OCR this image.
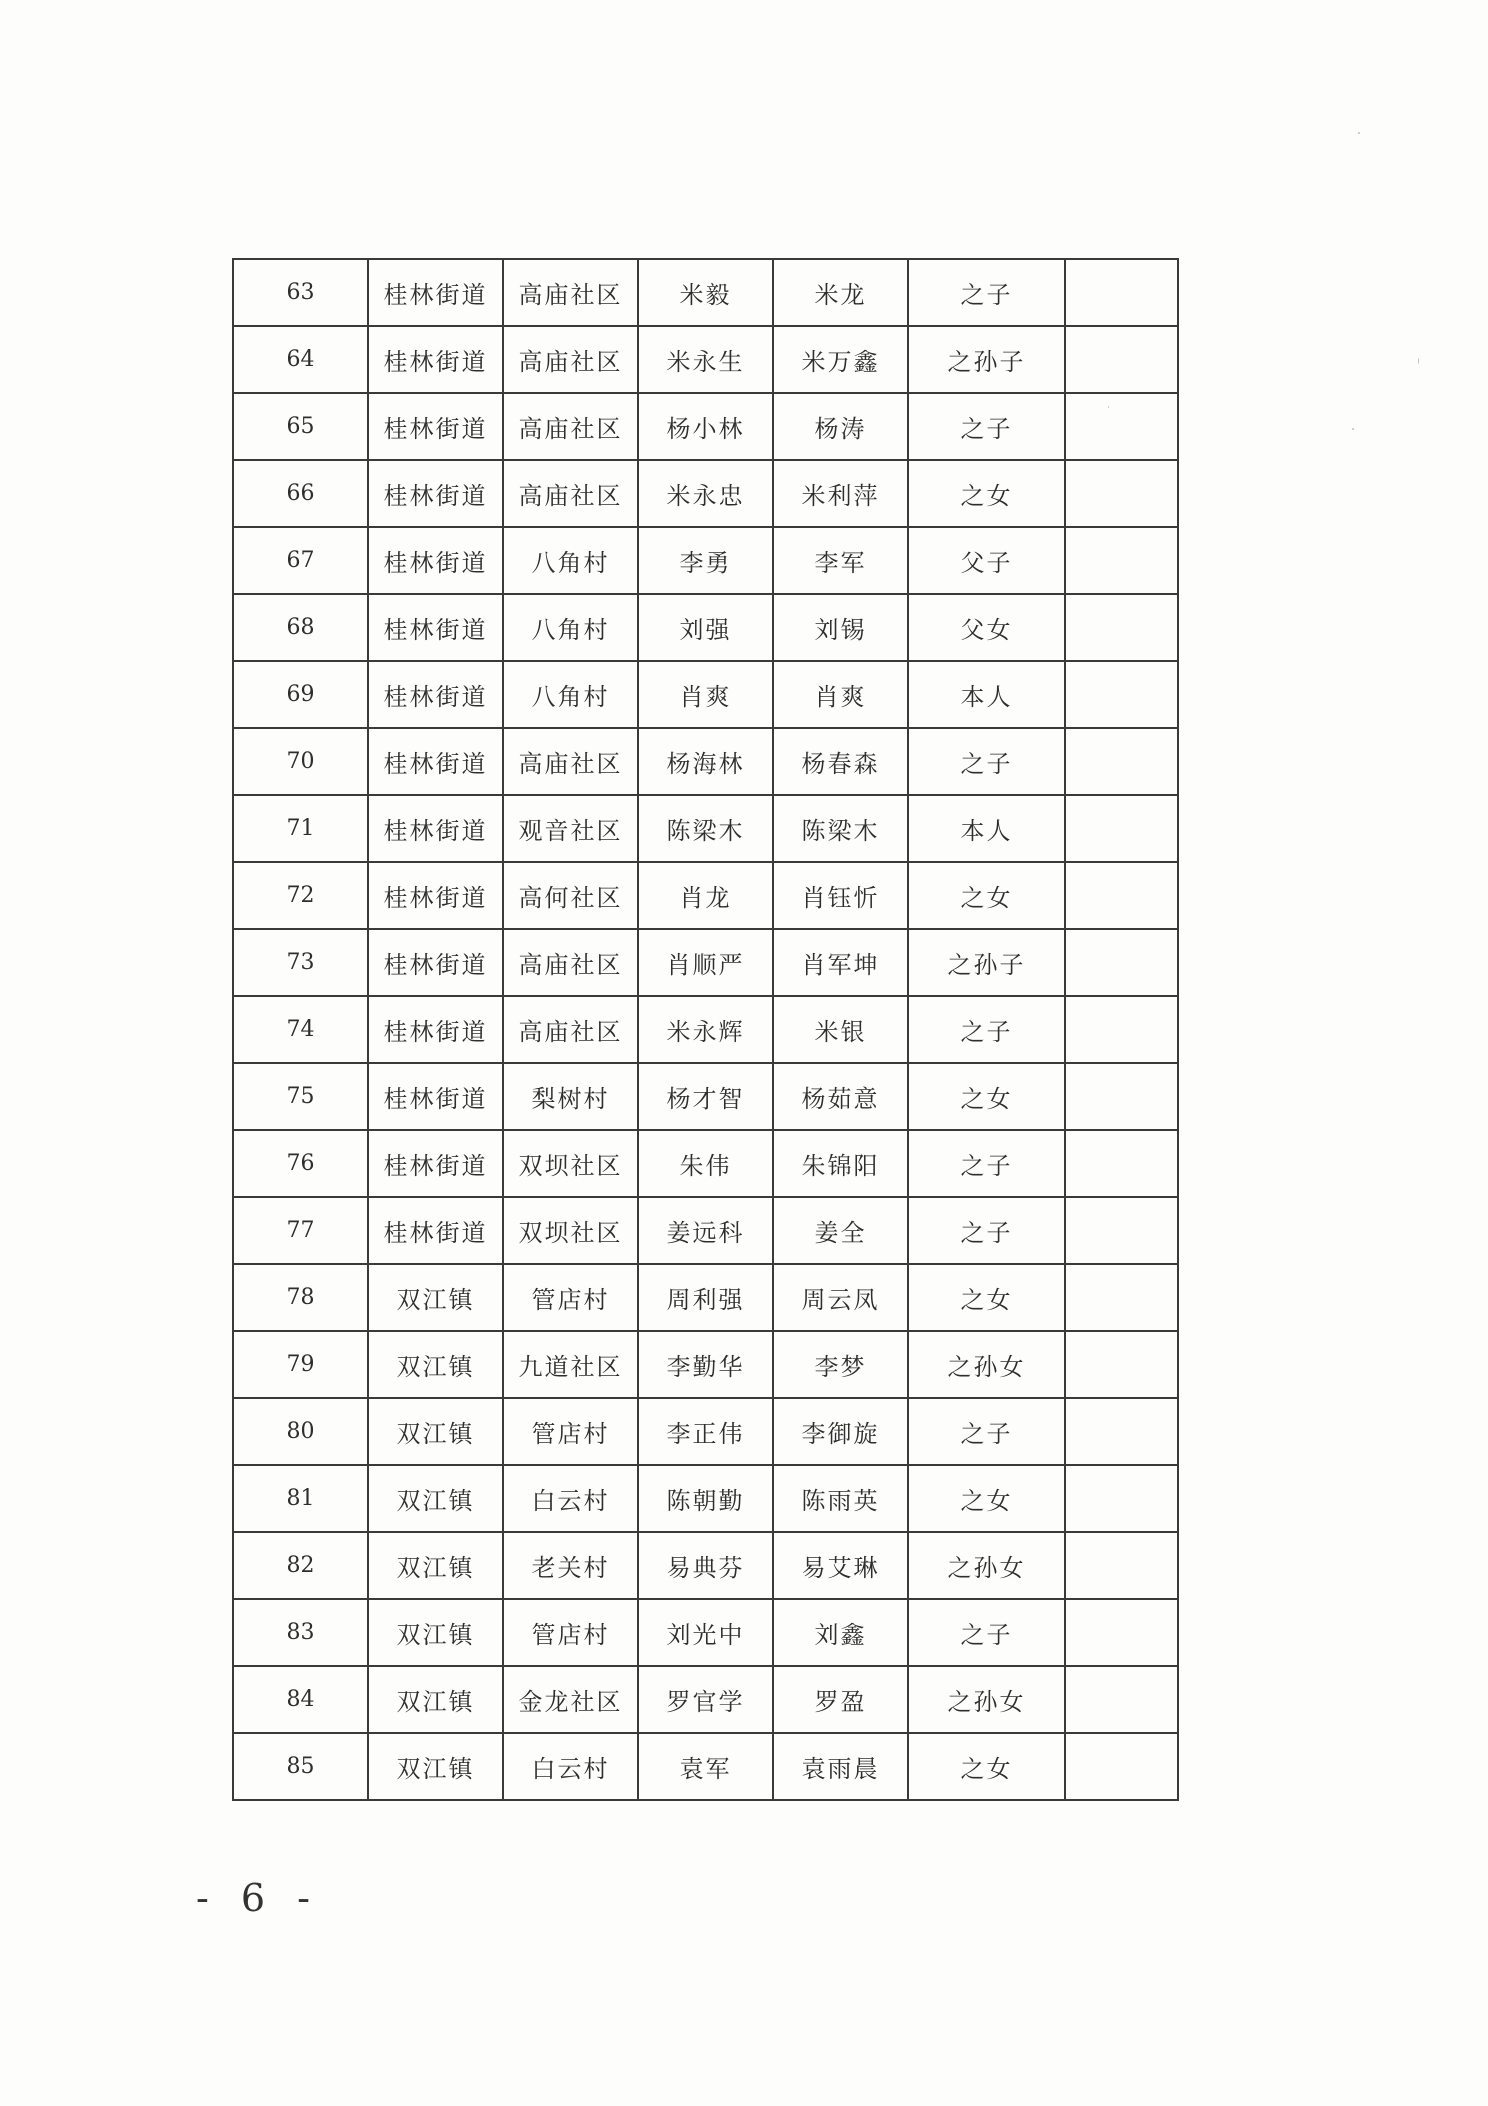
63	桂林街道	高庙社区	米毅	米龙	之子	
64	桂林街道	高庙社区	米永生	米万鑫	之孙子	
65	桂林街道	高庙社区	杨小林	杨涛	之子	
66	桂林街道	高庙社区	米永忠	米利萍	之女	
67	桂林街道	八角村	李勇	李军	父子	
68	桂林街道	八角村	刘强	刘锡	父女	
69	桂林街道	八角村	肖爽	肖爽	本人	
70	桂林街道	高庙社区	杨海林	杨春森	之子	
71	桂林街道	观音社区	陈梁木	陈梁木	本人	
72	桂林街道	高何社区	肖龙	肖钰忻	之女	
73	桂林街道	高庙社区	肖顺严	肖军坤	之孙子	
74	桂林街道	高庙社区	米永辉	米银	之子	
75	桂林街道	梨树村	杨才智	杨茹意	之女	
76	桂林街道	双坝社区	朱伟	朱锦阳	之子	
77	桂林街道	双坝社区	姜远科	姜全	之子	
78	双江镇	管店村	周利强	周云凤	之女	
79	双江镇	九道社区	李勤华	李梦	之孙女	
80	双江镇	管店村	李正伟	李御旋	之子	
81	双江镇	白云村	陈朝勤	陈雨英	之女	
82	双江镇	老关村	易典芬	易艾琳	之孙女	
83	双江镇	管店村	刘光中	刘鑫	之子	
84	双江镇	金龙社区	罗官学	罗盈	之孙女	
85	双江镇	白云村	袁军	袁雨晨	之女	
- 6 -
